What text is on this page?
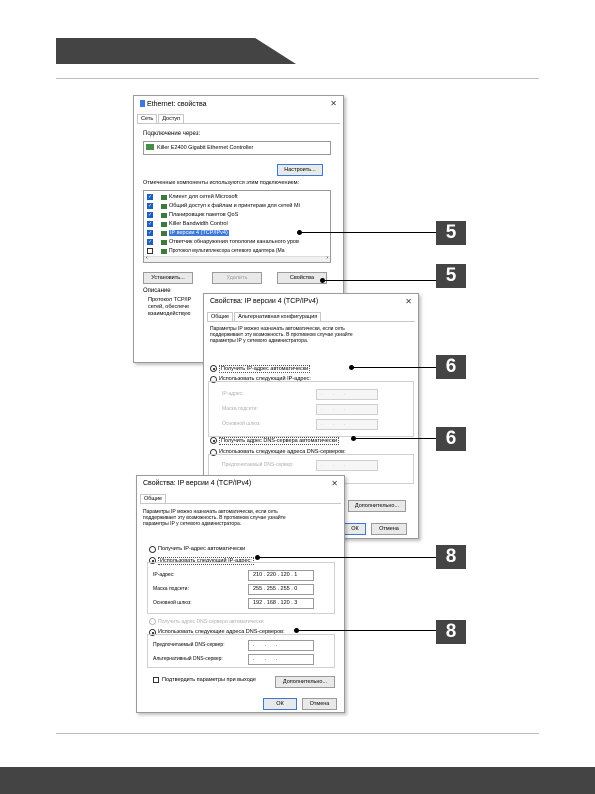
Ethernet: свойства	✕
Сеть	Доступ
Подключение через:
Killer E2400 Gigabit Ethernet Controller
Настроить...
Отмеченные компоненты используются этим подключением:
✓	Клиент для сетей Microsoft
✓	Общий доступ к файлам и принтерам для сетей Mi
✓	Планировщик пакетов QoS
✓	Killer Bandwidth Control
✓	IP версии 4 (TCP/IPv4)
✓	Ответчик обнаружения топологии канального уров
Протокол мультиплексора сетевого адаптера (Ма
‹	›
Установить...	Удалить	Свойства
Описание
Протокол TCP/IP
сетей, обеспече
взаимодействую
Свойства: IP версии 4 (TCP/IPv4)	✕
Общие	Альтернативная конфигурация
Параметры IP можно назначать автоматически, если сеть
поддерживает эту возможность. В противном случае узнайте
параметры IP у сетевого администратора.
Получить IP-адрес автоматически
Использовать следующий IP-адрес:
IP-адрес:	...
Маска подсети:	...
Основной шлюз:	...
Получить адрес DNS-сервера автоматически
Использовать следующие адреса DNS-серверов:
Предпочитаемый DNS-сервер:	...
Дополнительно...
ОК	Отмена
Свойства: IP версии 4 (TCP/IPv4)	✕
Общие
Параметры IP можно назначать автоматически, если сеть
поддерживает эту возможность. В противном случае узнайте
параметры IP у сетевого администратора.
Получить IP-адрес автоматически
Использовать следующий IP-адрес:
IP-адрес:	210 . 220 . 120 . 1
Маска подсети:	255 . 255 . 255 . 0
Основной шлюз:	192 . 168 . 120 . 3
Получить адрес DNS-сервера автоматически
Использовать следующие адреса DNS-серверов:
Предпочитаемый DNS-сервер:	...
Альтернативный DNS-сервер:	...
Подтвердить параметры при выходе	Дополнительно...
ОК	Отмена
5
5
6
6
8
8
